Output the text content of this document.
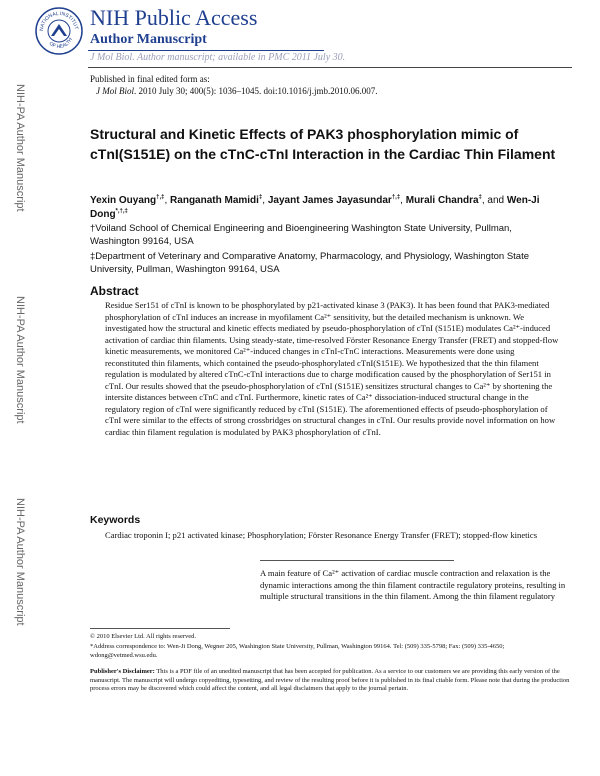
NATIONAL INSTITUT
OF HEALTH
NIH Public Access
Author Manuscript
J Mol Biol. Author manuscript; available in PMC 2011 July 30.
NIH-PA Author Manuscript
NIH-PA Author Manuscript
NIH-PA Author Manuscript
Published in final edited form as:
J Mol Biol. 2010 July 30; 400(5): 1036–1045. doi:10.1016/j.jmb.2010.06.007.
Structural and Kinetic Effects of PAK3 phosphorylation mimic of cTnI(S151E) on the cTnC-cTnI Interaction in the Cardiac Thin Filament
Yexin Ouyang†,‡, Ranganath Mamidi‡, Jayant James Jayasundar†,‡, Murali Chandra‡, and Wen-Ji Dong*,†,‡
†Voiland School of Chemical Engineering and Bioengineering Washington State University, Pullman, Washington 99164, USA
‡Department of Veterinary and Comparative Anatomy, Pharmacology, and Physiology, Washington State University, Pullman, Washington 99164, USA
Abstract
Residue Ser151 of cTnI is known to be phosphorylated by p21-activated kinase 3 (PAK3). It has been found that PAK3-mediated phosphorylation of cTnI induces an increase in myofilament Ca²⁺ sensitivity, but the detailed mechanism is unknown. We investigated how the structural and kinetic effects mediated by pseudo-phosphorylation of cTnI (S151E) modulates Ca²⁺-induced activation of cardiac thin filaments. Using steady-state, time-resolved Förster Resonance Energy Transfer (FRET) and stopped-flow kinetic measurements, we monitored Ca²⁺-induced changes in cTnI-cTnC interactions. Measurements were done using reconstituted thin filaments, which contained the pseudo-phosphorylated cTnI(S151E). We hypothesized that the thin filament regulation is modulated by altered cTnC-cTnI interactions due to charge modification caused by the phosphorylation of Ser151 in cTnI. Our results showed that the pseudo-phosphorylation of cTnI (S151E) sensitizes structural changes to Ca²⁺ by shortening the intersite distances between cTnC and cTnI. Furthermore, kinetic rates of Ca²⁺ dissociation-induced structural change in the regulatory region of cTnI were significantly reduced by cTnI (S151E). The aforementioned effects of pseudo-phosphorylation of cTnI were similar to the effects of strong crossbridges on structural changes in cTnI. Our results provide novel information on how cardiac thin filament regulation is modulated by PAK3 phosphorylation of cTnI.
Keywords
Cardiac troponin I; p21 activated kinase; Phosphorylation; Förster Resonance Energy Transfer (FRET); stopped-flow kinetics
A main feature of Ca²⁺ activation of cardiac muscle contraction and relaxation is the dynamic interactions among the thin filament contractile regulatory proteins, resulting in multiple structural transitions in the thin filament. Among the thin filament regulatory
© 2010 Elsevier Ltd. All rights reserved.
*Address correspondence to: Wen-Ji Dong, Wegner 205, Washington State University, Pullman, Washington 99164. Tel: (509) 335-5798; Fax: (509) 335-4650; wdong@vetmed.wsu.edu.
Publisher's Disclaimer: This is a PDF file of an unedited manuscript that has been accepted for publication. As a service to our customers we are providing this early version of the manuscript. The manuscript will undergo copyediting, typesetting, and review of the resulting proof before it is published in its final citable form. Please note that during the production process errors may be discovered which could affect the content, and all legal disclaimers that apply to the journal pertain.
